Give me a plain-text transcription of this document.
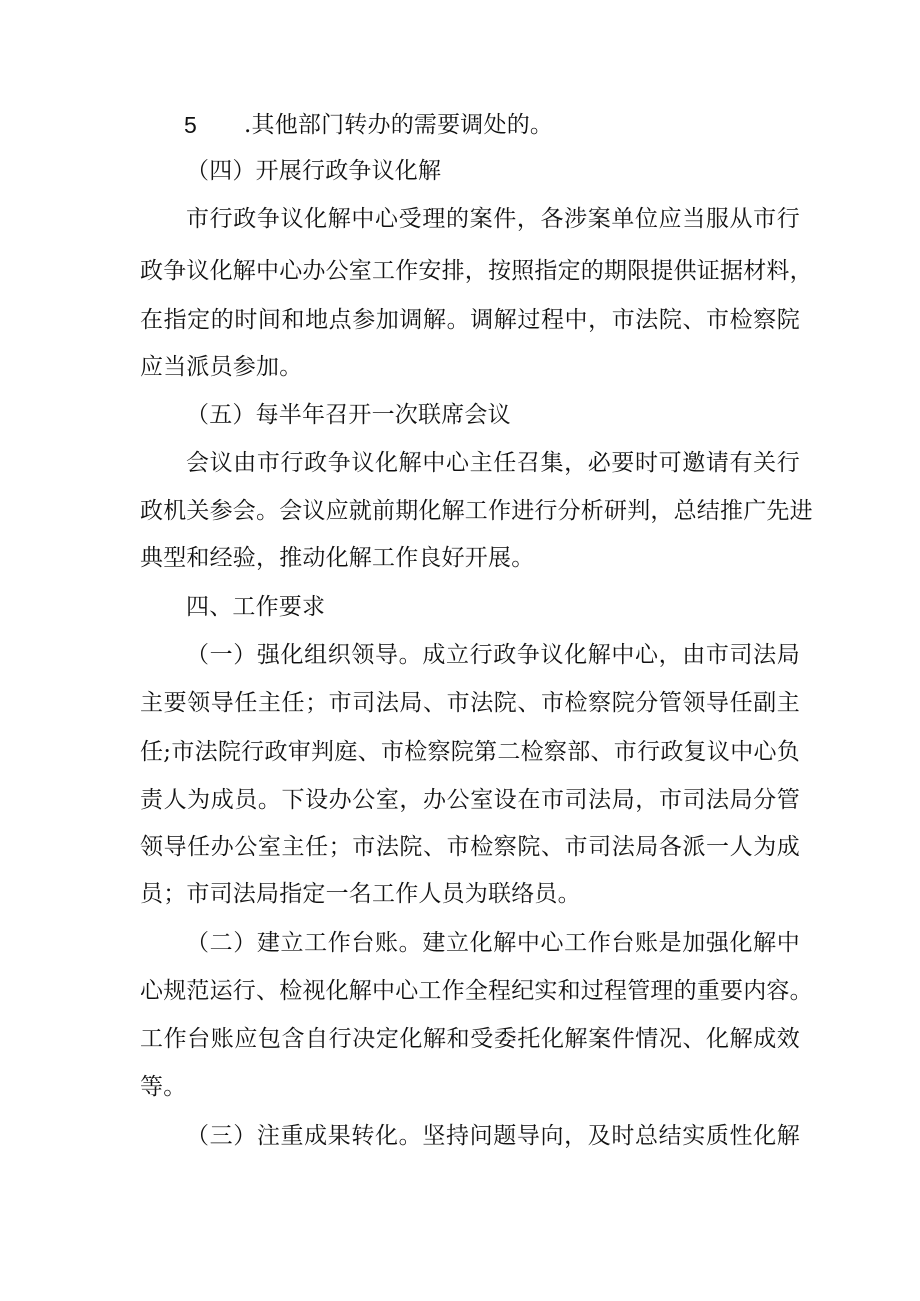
5 .其他部门转办的需要调处的。
（四）开展行政争议化解
市行政争议化解中心受理的案件，各涉案单位应当服从市行
政争议化解中心办公室工作安排，按照指定的期限提供证据材料，
在指定的时间和地点参加调解。调解过程中，市法院、市检察院
应当派员参加。
（五）每半年召开一次联席会议
会议由市行政争议化解中心主任召集，必要时可邀请有关行
政机关参会。会议应就前期化解工作进行分析研判，总结推广先进
典型和经验，推动化解工作良好开展。
四、工作要求
（一）强化组织领导。成立行政争议化解中心，由市司法局
主要领导任主任；市司法局、市法院、市检察院分管领导任副主
任;市法院行政审判庭、市检察院第二检察部、市行政复议中心负
责人为成员。下设办公室，办公室设在市司法局，市司法局分管
领导任办公室主任；市法院、市检察院、市司法局各派一人为成
员；市司法局指定一名工作人员为联络员。
（二）建立工作台账。建立化解中心工作台账是加强化解中
心规范运行、检视化解中心工作全程纪实和过程管理的重要内容。
工作台账应包含自行决定化解和受委托化解案件情况、化解成效
等。
（三）注重成果转化。坚持问题导向，及时总结实质性化解
